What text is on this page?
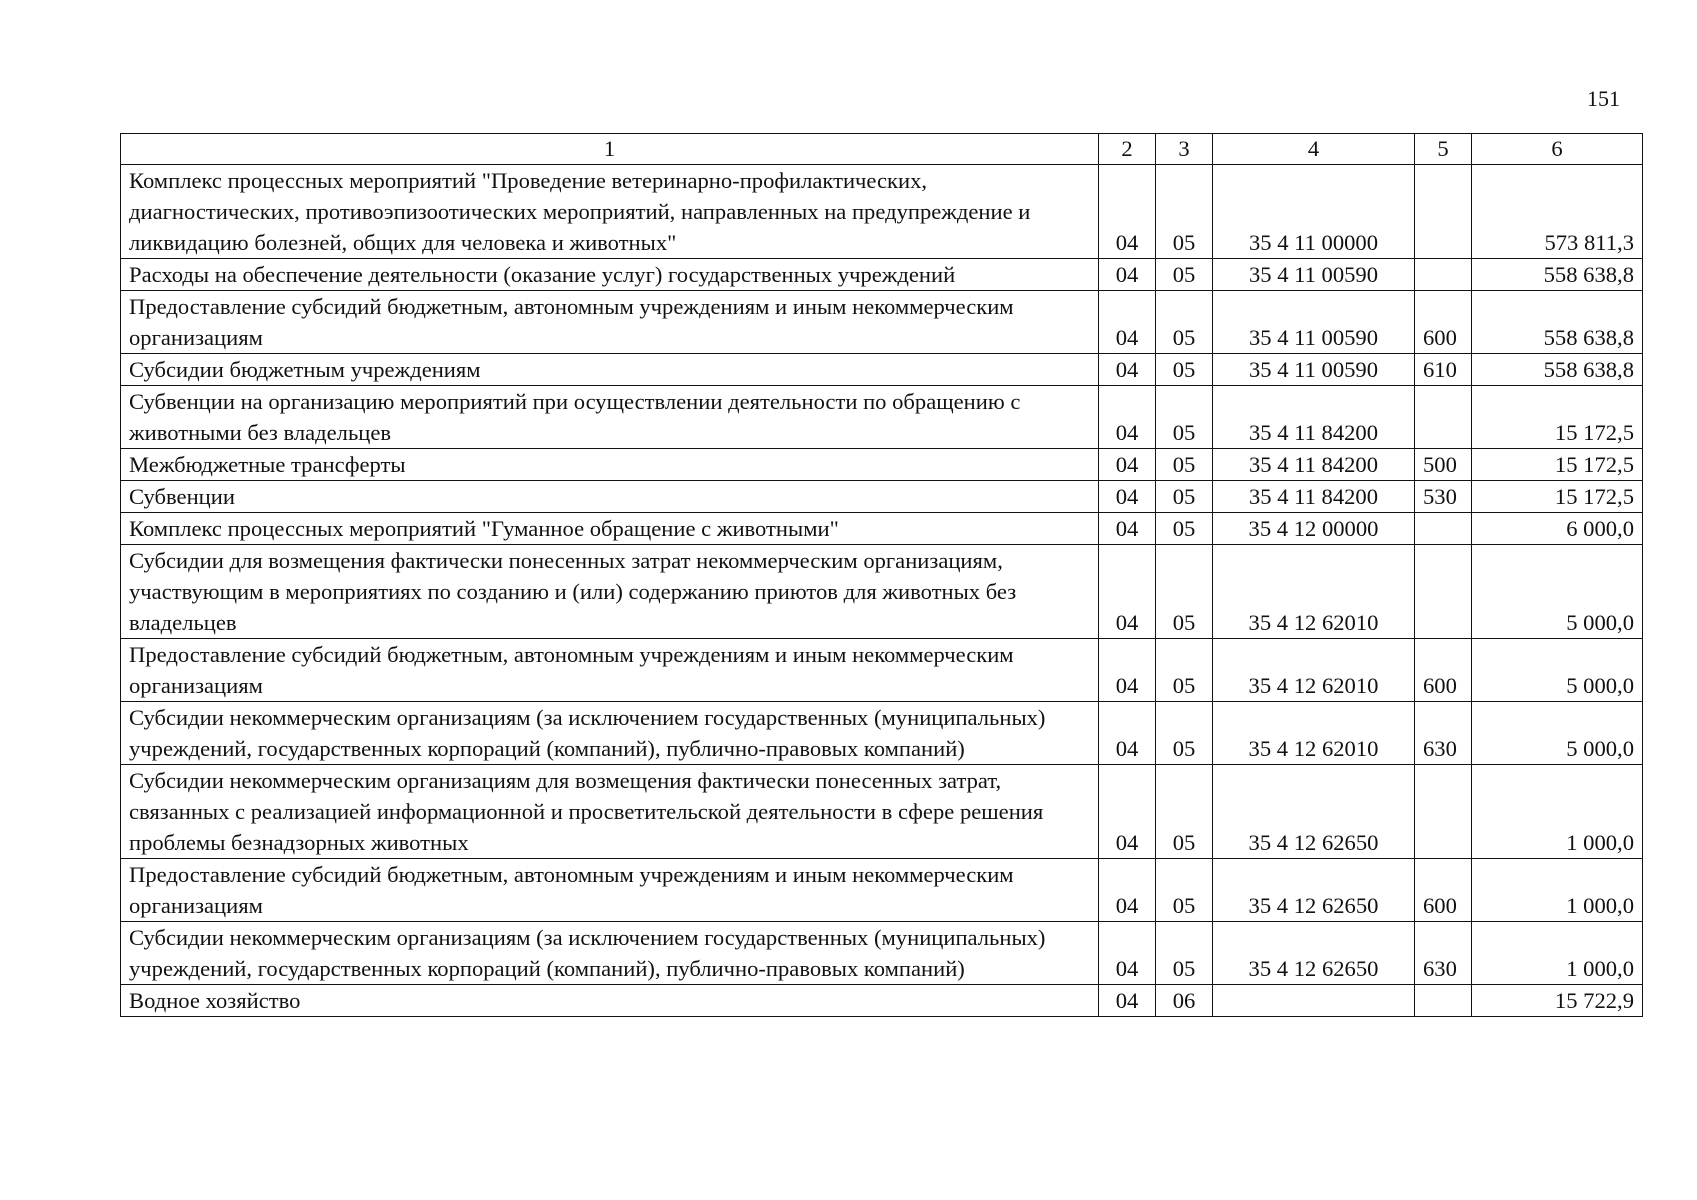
151
1	2	3	4	5	6
Комплекс процессных мероприятий "Проведение ветеринарно-профилактических, диагностических, противоэпизоотических мероприятий, направленных на предупреждение и ликвидацию болезней, общих для человека и животных"	04	05	35 4 11 00000		573 811,3
Расходы на обеспечение деятельности (оказание услуг) государственных учреждений	04	05	35 4 11 00590		558 638,8
Предоставление субсидий бюджетным, автономным учреждениям и иным некоммерческим организациям	04	05	35 4 11 00590	600	558 638,8
Субсидии бюджетным учреждениям	04	05	35 4 11 00590	610	558 638,8
Субвенции на организацию мероприятий при осуществлении деятельности по обращению с животными без владельцев	04	05	35 4 11 84200		15 172,5
Межбюджетные трансферты	04	05	35 4 11 84200	500	15 172,5
Субвенции	04	05	35 4 11 84200	530	15 172,5
Комплекс процессных мероприятий "Гуманное обращение с животными"	04	05	35 4 12 00000		6 000,0
Субсидии для возмещения фактически понесенных затрат некоммерческим организациям, участвующим в мероприятиях по созданию и (или) содержанию приютов для животных без владельцев	04	05	35 4 12 62010		5 000,0
Предоставление субсидий бюджетным, автономным учреждениям и иным некоммерческим организациям	04	05	35 4 12 62010	600	5 000,0
Субсидии некоммерческим организациям (за исключением государственных (муниципальных) учреждений, государственных корпораций (компаний), публично-правовых компаний)	04	05	35 4 12 62010	630	5 000,0
Субсидии некоммерческим организациям для возмещения фактически понесенных затрат, связанных с реализацией информационной и просветительской деятельности в сфере решения проблемы безнадзорных животных	04	05	35 4 12 62650		1 000,0
Предоставление субсидий бюджетным, автономным учреждениям и иным некоммерческим организациям	04	05	35 4 12 62650	600	1 000,0
Субсидии некоммерческим организациям (за исключением государственных (муниципальных) учреждений, государственных корпораций (компаний), публично-правовых компаний)	04	05	35 4 12 62650	630	1 000,0
Водное хозяйство	04	06			15 722,9
